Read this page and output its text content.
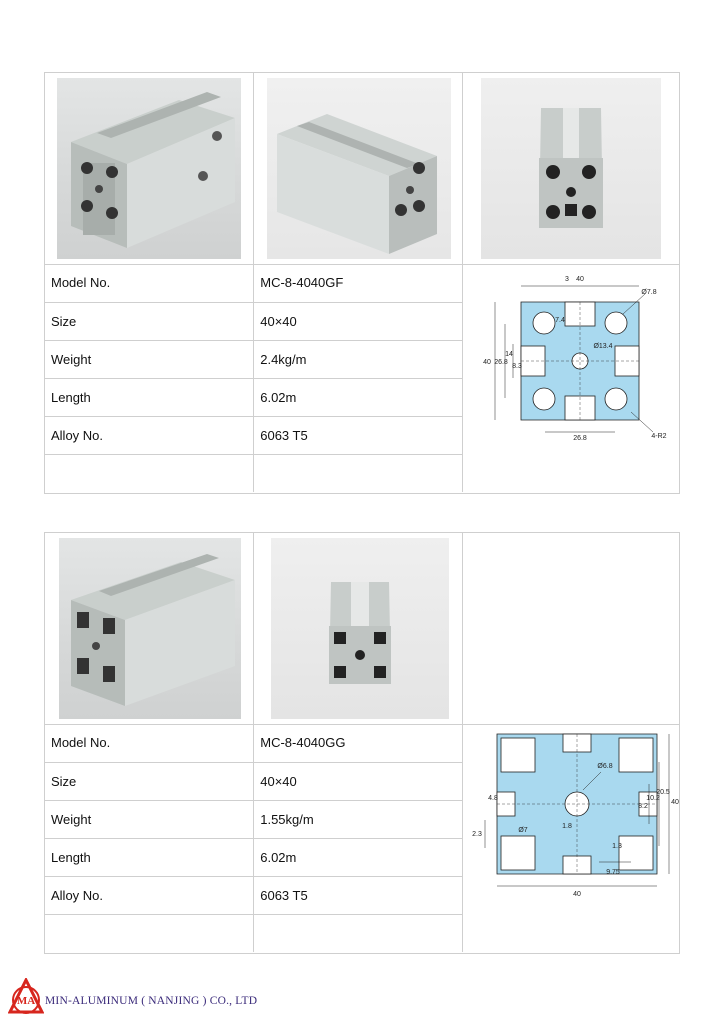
Model No.	MC-8-4040GF
Size	40×40
Weight	2.4kg/m
Length	6.02m
Alloy No.	6063 T5

40
3
40 26.8
14
8.3
7.4
Ø7.8
Ø13.4
26.8	4-R2
Model No.	MC-8-4040GG
Size	40×40
Weight	1.55kg/m
Length	6.02m
Alloy No.	6063 T5
		40
40
20.5
10.2
8.2
Ø6.8
2.3
4.8
Ø7
1.8
1.3
9.75
MA MIN-ALUMINUM ( NANJING ) CO., LTD
